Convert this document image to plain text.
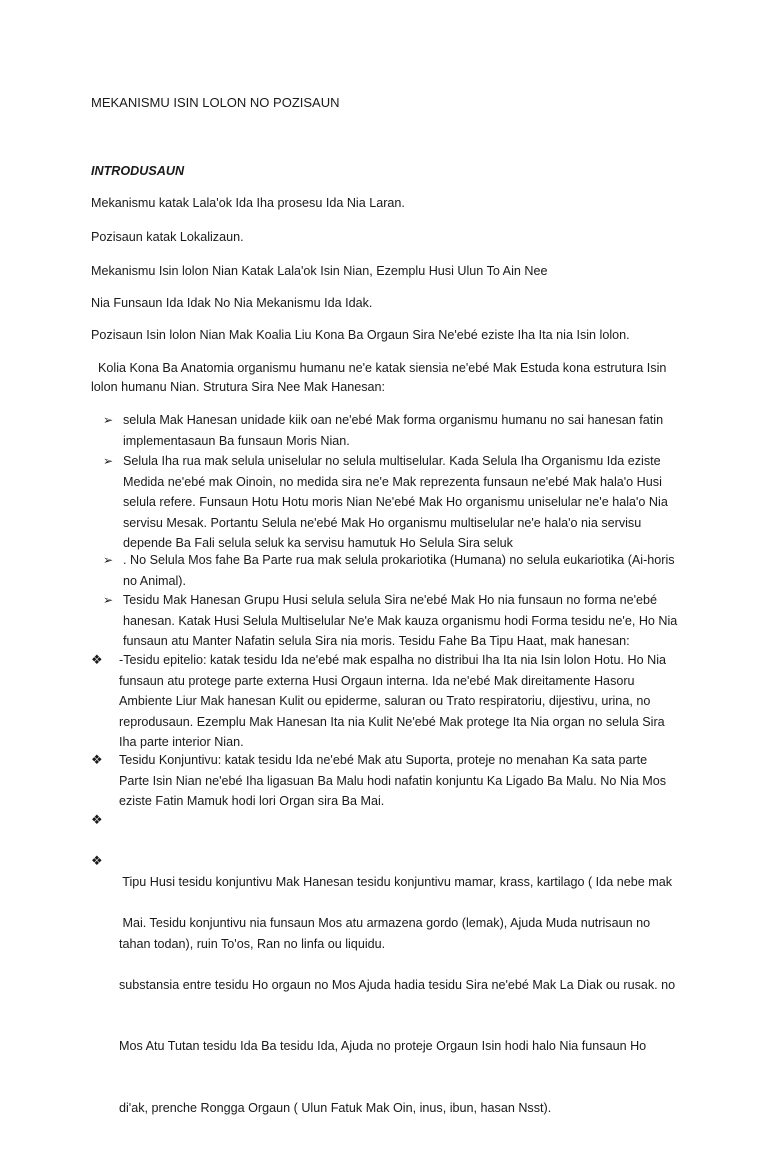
MEKANISMU ISIN LOLON NO POZISAUN
INTRODUSAUN
Mekanismu katak Lala'ok Ida Iha prosesu Ida Nia Laran.
Pozisaun katak Lokalizaun.
Mekanismu Isin lolon Nian Katak Lala'ok Isin Nian, Ezemplu Husi Ulun To Ain Nee
Nia Funsaun Ida Idak No Nia Mekanismu Ida Idak.
Pozisaun Isin lolon Nian Mak Koalia Liu Kona Ba Orgaun Sira Ne'ebé eziste Iha Ita nia Isin lolon.
Kolia Kona Ba Anatomia organismu humanu ne'e katak siensia ne'ebé Mak Estuda kona estrutura Isin
lolon humanu Nian. Strutura Sira Nee Mak Hanesan:
➢ selula Mak Hanesan unidade kiik oan ne'ebé Mak forma organismu humanu no sai hanesan fatin
implementasaun Ba funsaun Moris Nian.
➢ Selula Iha rua mak selula uniselular no selula multiselular. Kada Selula Iha Organismu Ida eziste
Medida ne'ebé mak Oinoin, no medida sira ne'e Mak reprezenta funsaun ne'ebé Mak hala'o Husi
selula refere. Funsaun Hotu Hotu moris Nian Ne'ebé Mak Ho organismu uniselular ne'e hala'o Nia
servisu Mesak. Portantu Selula ne'ebé Mak Ho organismu multiselular ne'e hala'o nia servisu
depende Ba Fali selula seluk ka servisu hamutuk Ho Selula Sira seluk
➢ . No Selula Mos fahe Ba Parte rua mak selula prokariotika (Humana) no selula eukariotika (Ai-horis
no Animal).
➢ Tesidu Mak Hanesan Grupu Husi selula selula Sira ne'ebé Mak Ho nia funsaun no forma ne'ebé
hanesan. Katak Husi Selula Multiselular Ne'e Mak kauza organismu hodi Forma tesidu ne'e, Ho Nia
funsaun atu Manter Nafatin selula Sira nia moris. Tesidu Fahe Ba Tipu Haat, mak hanesan:
❖ -Tesidu epitelio: katak tesidu Ida ne'ebé mak espalha no distribui Iha Ita nia Isin lolon Hotu. Ho Nia
funsaun atu protege parte externa Husi Orgaun interna. Ida ne'ebé Mak direitamente Hasoru
Ambiente Liur Mak hanesan Kulit ou epiderme, saluran ou Trato respiratoriu, dijestivu, urina, no
reprodusaun. Ezemplu Mak Hanesan Ita nia Kulit Ne'ebé Mak protege Ita Nia organ no selula Sira
Iha parte interior Nian.
❖ Tesidu Konjuntivu: katak tesidu Ida ne'ebé Mak atu Suporta, proteje no menahan Ka sata parte
Parte Isin Nian ne'ebé Iha ligasuan Ba Malu hodi nafatin konjuntu Ka Ligado Ba Malu. No Nia Mos
eziste Fatin Mamuk hodi lori Organ sira Ba Mai.

❖

Tipu Husi tesidu konjuntivu Mak Hanesan tesidu konjuntivu mamar, krass, kartilago ( Ida nebe mak

tahan todan), ruin To'os, Ran no linfa ou liquidu.

❖

Mai. Tesidu konjuntivu nia funsaun Mos atu armazena gordo (lemak), Ajuda Muda nutrisaun no

substansia entre tesidu Ho orgaun no Mos Ajuda hadia tesidu Sira ne'ebé Mak La Diak ou rusak. no

Mos Atu Tutan tesidu Ida Ba tesidu Ida, Ajuda no proteje Orgaun Isin hodi halo Nia funsaun Ho

di'ak, prenche Rongga Orgaun ( Ulun Fatuk Mak Oin, inus, ibun, hasan Nsst).
